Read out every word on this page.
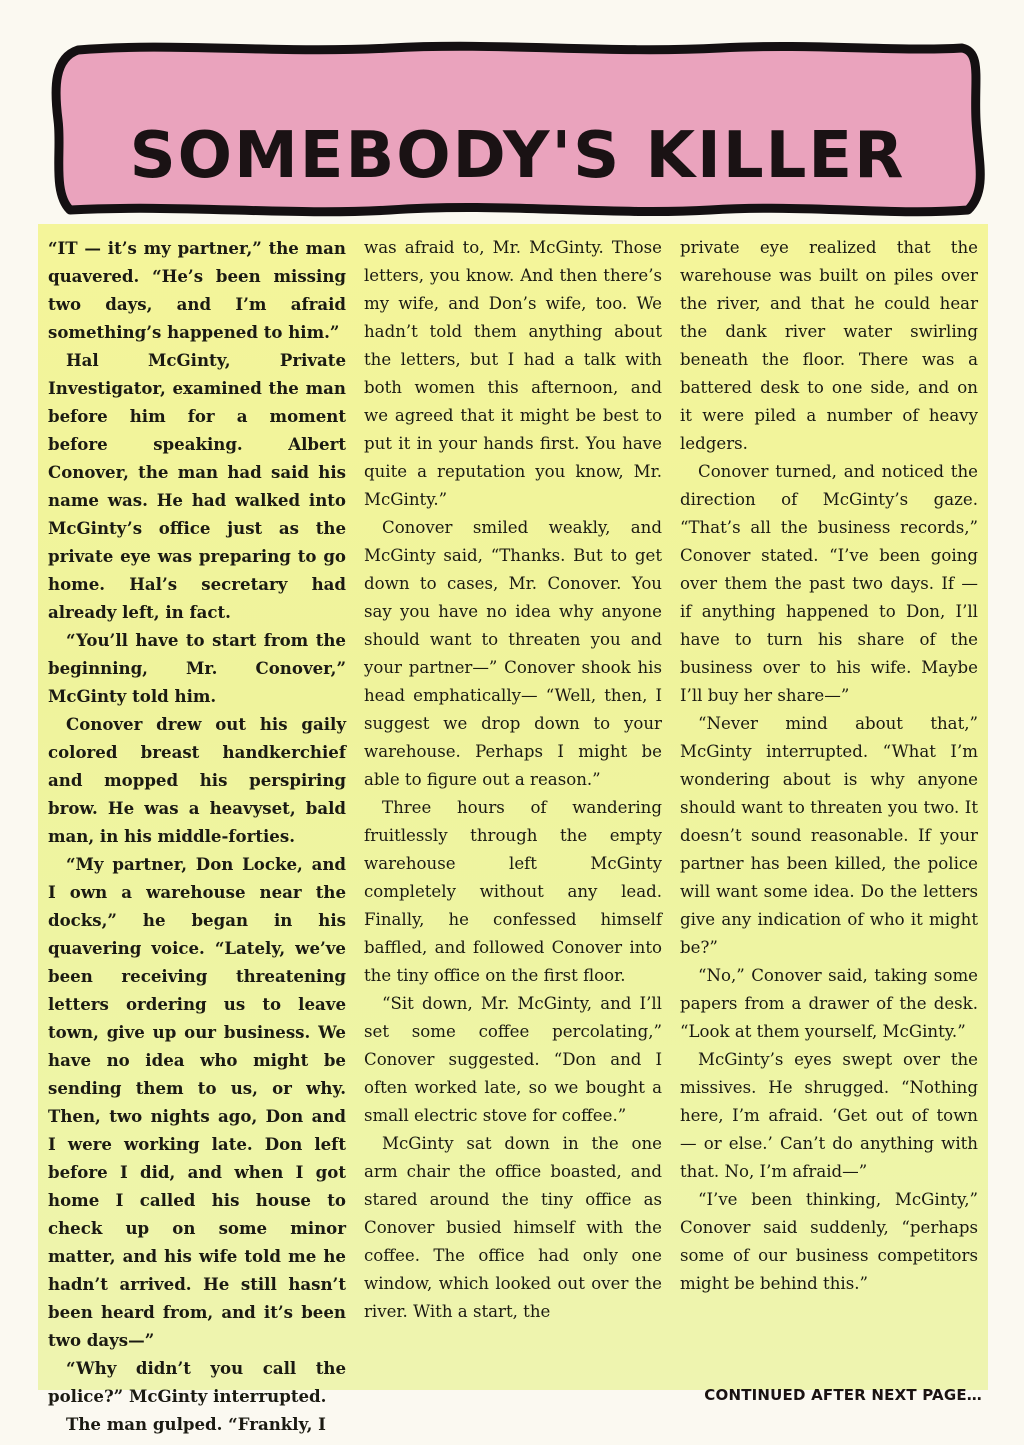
SOMEBODY'S KILLER

“IT — it’s my partner,” the man quavered. “He’s been missing two days, and I’m afraid something’s happened to him.”

Hal McGinty, Private Investigator, examined the man before him for a moment before speaking. Albert Conover, the man had said his name was. He had walked into McGinty’s office just as the private eye was preparing to go home. Hal’s secretary had already left, in fact.

“You’ll have to start from the beginning, Mr. Conover,” McGinty told him.

Conover drew out his gaily colored breast handkerchief and mopped his perspiring brow. He was a heavyset, bald man, in his middle-forties.

“My partner, Don Locke, and I own a warehouse near the docks,” he began in his quavering voice. “Lately, we’ve been receiving threatening letters ordering us to leave town, give up our business. We have no idea who might be sending them to us, or why. Then, two nights ago, Don and I were working late. Don left before I did, and when I got home I called his house to check up on some minor matter, and his wife told me he hadn’t arrived. He still hasn’t been heard from, and it’s been two days—”

“Why didn’t you call the police?” McGinty interrupted.

The man gulped. “Frankly, I

was afraid to, Mr. McGinty. Those letters, you know. And then there’s my wife, and Don’s wife, too. We hadn’t told them anything about the letters, but I had a talk with both women this afternoon, and we agreed that it might be best to put it in your hands first. You have quite a reputation you know, Mr. McGinty.”

Conover smiled weakly, and McGinty said, “Thanks. But to get down to cases, Mr. Conover. You say you have no idea why anyone should want to threaten you and your partner—” Conover shook his head emphatically— “Well, then, I suggest we drop down to your warehouse. Perhaps I might be able to figure out a reason.”

Three hours of wandering fruitlessly through the empty warehouse left McGinty completely without any lead. Finally, he confessed himself baffled, and followed Conover into the tiny office on the first floor.

“Sit down, Mr. McGinty, and I’ll set some coffee percolating,” Conover suggested. “Don and I often worked late, so we bought a small electric stove for coffee.”

McGinty sat down in the one arm chair the office boasted, and stared around the tiny office as Conover busied himself with the coffee. The office had only one window, which looked out over the river. With a start, the

private eye realized that the warehouse was built on piles over the river, and that he could hear the dank river water swirling beneath the floor. There was a battered desk to one side, and on it were piled a number of heavy ledgers.

Conover turned, and noticed the direction of McGinty’s gaze. “That’s all the business records,” Conover stated. “I’ve been going over them the past two days. If — if anything happened to Don, I’ll have to turn his share of the business over to his wife. Maybe I’ll buy her share—”

“Never mind about that,” McGinty interrupted. “What I’m wondering about is why anyone should want to threaten you two. It doesn’t sound reasonable. If your partner has been killed, the police will want some idea. Do the letters give any indication of who it might be?”

“No,” Conover said, taking some papers from a drawer of the desk. “Look at them yourself, McGinty.”

McGinty’s eyes swept over the missives. He shrugged. “Nothing here, I’m afraid. ‘Get out of town — or else.’ Can’t do anything with that. No, I’m afraid—”

“I’ve been thinking, McGinty,” Conover said suddenly, “perhaps some of our business competitors might be behind this.”

CONTINUED AFTER NEXT PAGE…
